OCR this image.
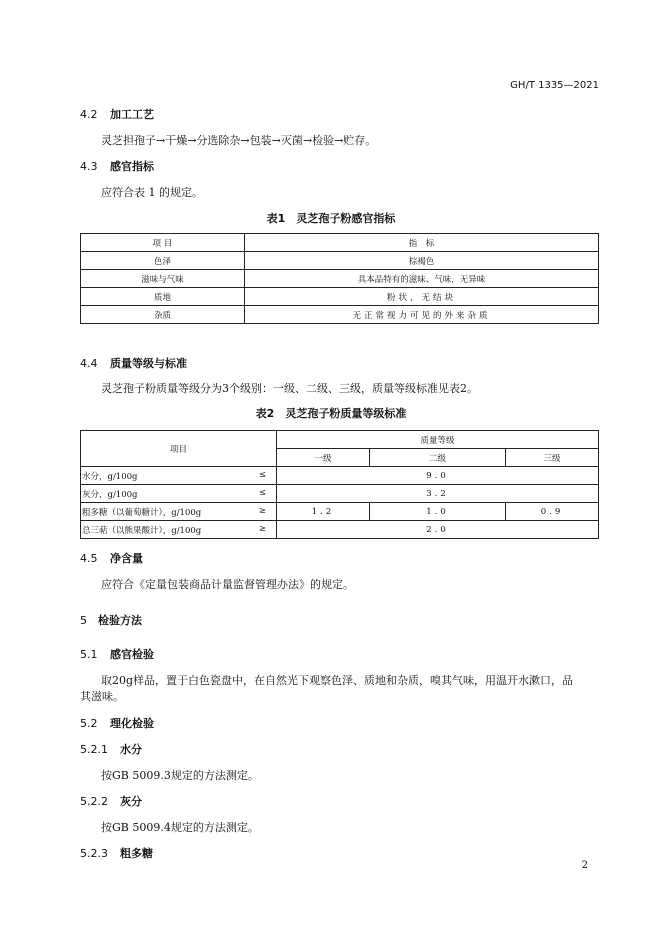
GH/T 1335—2021
4.2 加工工艺
灵芝担孢子→干燥→分选除杂→包装→灭菌→检验→贮存。
4.3 感官指标
应符合表 1 的规定。
表1　灵芝孢子粉感官指标
项 目	指　标
色泽	棕褐色
滋味与气味	具本品特有的滋味、气味，无异味
质地	粉状，无结块
杂质	无正常视力可见的外来杂质
4.4 质量等级与标准
灵芝孢子粉质量等级分为3个级别：一级、二级、三级，质量等级标准见表2。
表2　灵芝孢子粉质量等级标准
项目	质量等级		
	一级	二级	三级
水分，g/100g ≤	9.0		
灰分，g/100g ≤	3.2		
粗多糖（以葡萄糖计），g/100g ≥	1.2	1.0	0.9
总三萜（以熊果酸计），g/100g ≥	2.0		
4.5 净含量
应符合《定量包装商品计量监督管理办法》的规定。
5 检验方法
5.1 感官检验
取20g样品，置于白色瓷盘中，在自然光下观察色泽、质地和杂质，嗅其气味，用温开水漱口，品
其滋味。
5.2 理化检验
5.2.1 水分
按GB 5009.3规定的方法测定。
5.2.2 灰分
按GB 5009.4规定的方法测定。
5.2.3 粗多糖
2
